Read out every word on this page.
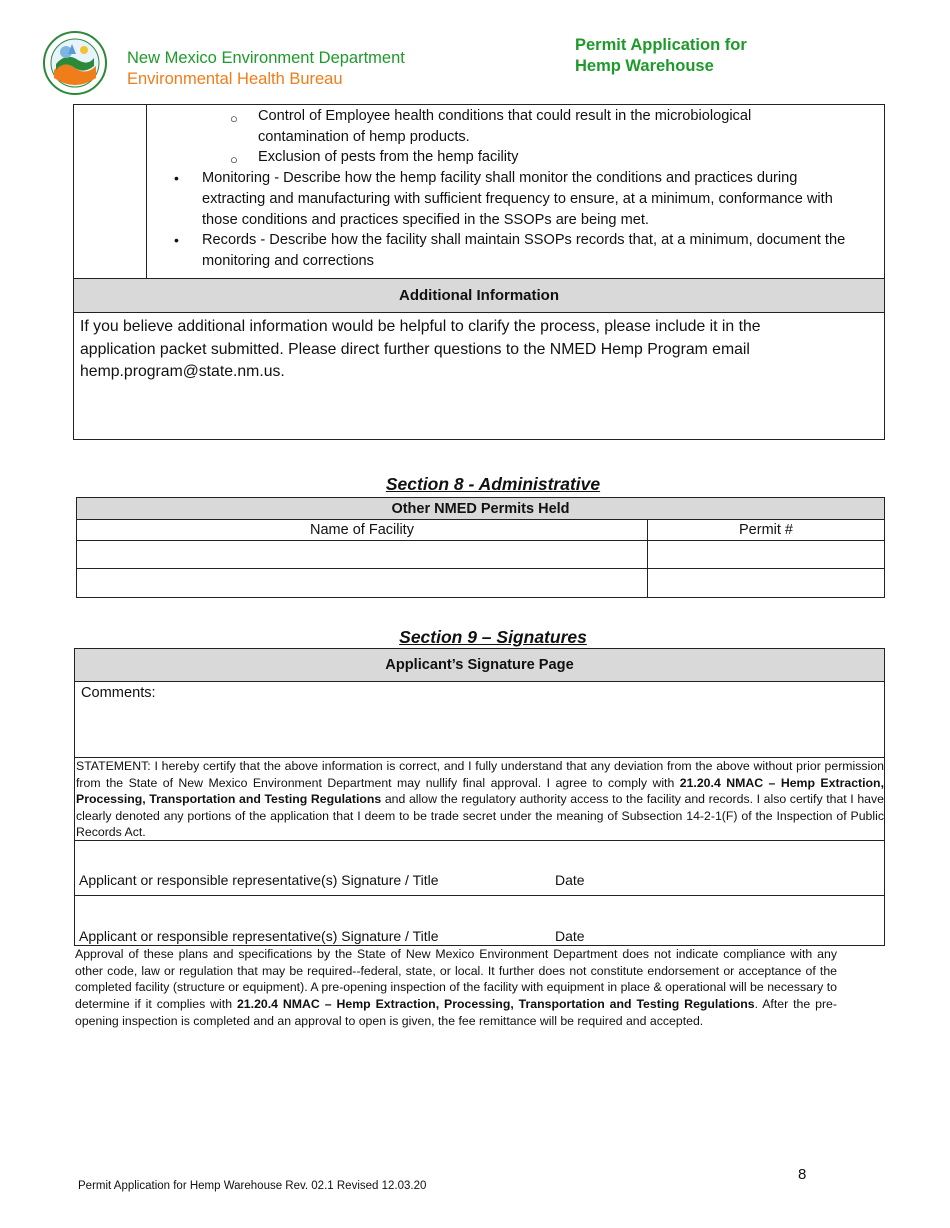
New Mexico Environment Department
Environmental Health Bureau
Permit Application for
Hemp Warehouse
○ Control of Employee health conditions that could result in the microbiological
contamination of hemp products.
○ Exclusion of pests from the hemp facility
• Monitoring - Describe how the hemp facility shall monitor the conditions and practices during
extracting and manufacturing with sufficient frequency to ensure, at a minimum, conformance with
those conditions and practices specified in the SSOPs are being met.
• Records - Describe how the facility shall maintain SSOPs records that, at a minimum, document the
monitoring and corrections
Additional Information
If you believe additional information would be helpful to clarify the process, please include it in the
application packet submitted. Please direct further questions to the NMED Hemp Program email
hemp.program@state.nm.us.
Section 8 - Administrative
Other NMED Permits Held	
Name of Facility	Permit #

Section 9 – Signatures
Applicant’s Signature Page
Comments:
STATEMENT: I hereby certify that the above information is correct, and I fully understand that any deviation from the above without prior permission from the State of New Mexico Environment Department may nullify final approval. I agree to comply with 21.20.4 NMAC – Hemp Extraction, Processing, Transportation and Testing Regulations and allow the regulatory authority access to the facility and records. I also certify that I have clearly denoted any portions of the application that I deem to be trade secret under the meaning of Subsection 14-2-1(F) of the Inspection of Public Records Act.
Applicant or responsible representative(s) Signature / Title	Date
Applicant or responsible representative(s) Signature / Title	Date
Approval of these plans and specifications by the State of New Mexico Environment Department does not indicate compliance with any other code, law or regulation that may be required--federal, state, or local. It further does not constitute endorsement or acceptance of the completed facility (structure or equipment). A pre-opening inspection of the facility with equipment in place & operational will be necessary to determine if it complies with 21.20.4 NMAC – Hemp Extraction, Processing, Transportation and Testing Regulations. After the pre-opening inspection is completed and an approval to open is given, the fee remittance will be required and accepted.
8
Permit Application for Hemp Warehouse Rev. 02.1 Revised 12.03.20
